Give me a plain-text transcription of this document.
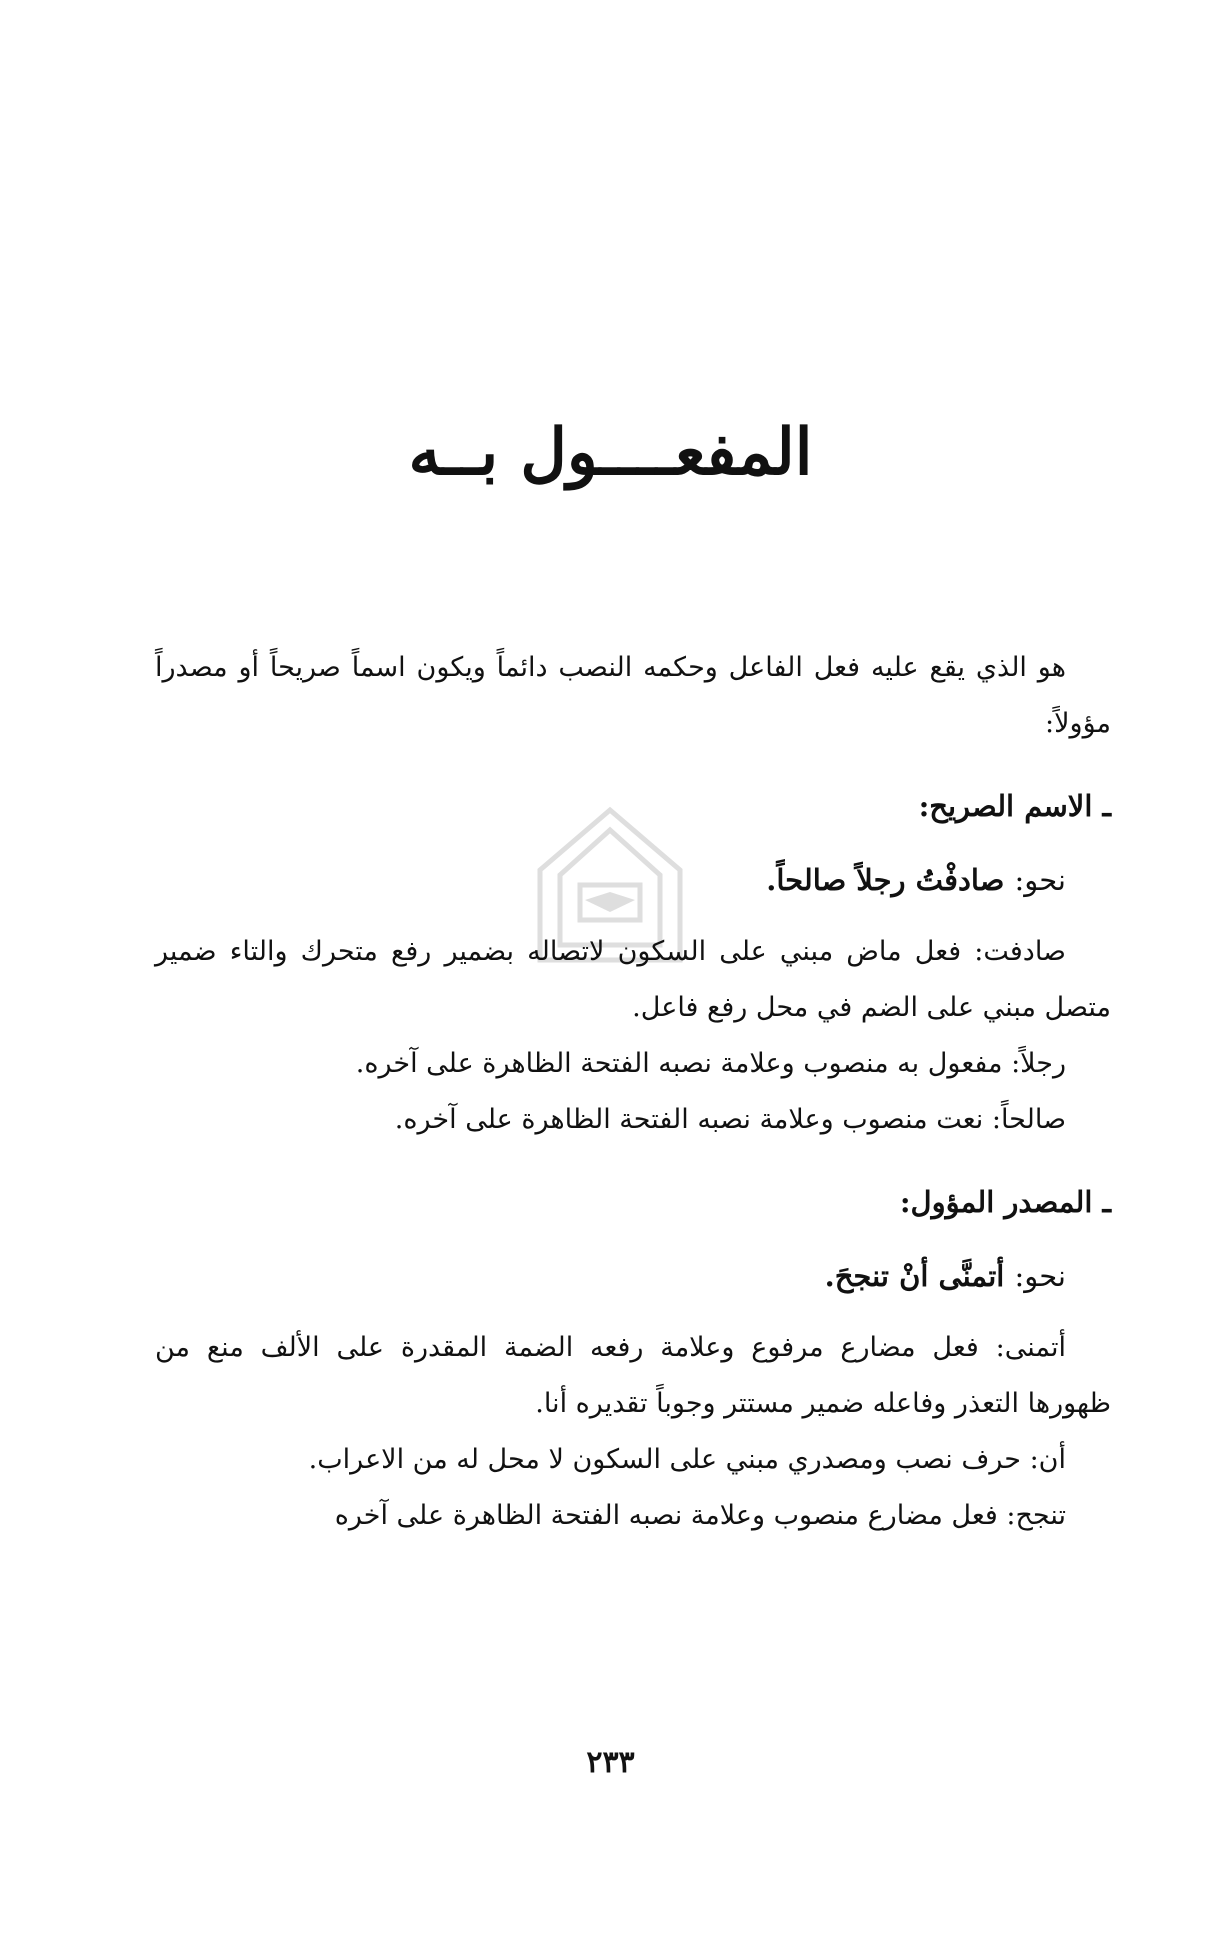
المفعــــول بــه

هو الذي يقع عليه فعل الفاعل وحكمه النصب دائماً ويكون اسماً صريحاً أو مصدراً مؤولاً:

ـ الاسم الصريح:
نحو: صادفْتُ رجلاً صالحاً.

صادفت: فعل ماض مبني على السكون لاتصاله بضمير رفع متحرك والتاء ضمير متصل مبني على الضم في محل رفع فاعل.

رجلاً: مفعول به منصوب وعلامة نصبه الفتحة الظاهرة على آخره.

صالحاً: نعت منصوب وعلامة نصبه الفتحة الظاهرة على آخره.

ـ المصدر المؤول:
نحو: أتمنَّى أنْ تنجحَ.

أتمنى: فعل مضارع مرفوع وعلامة رفعه الضمة المقدرة على الألف منع من ظهورها التعذر وفاعله ضمير مستتر وجوباً تقديره أنا.

أن: حرف نصب ومصدري مبني على السكون لا محل له من الاعراب.

تنجح: فعل مضارع منصوب وعلامة نصبه الفتحة الظاهرة على آخره

٢٣٣
